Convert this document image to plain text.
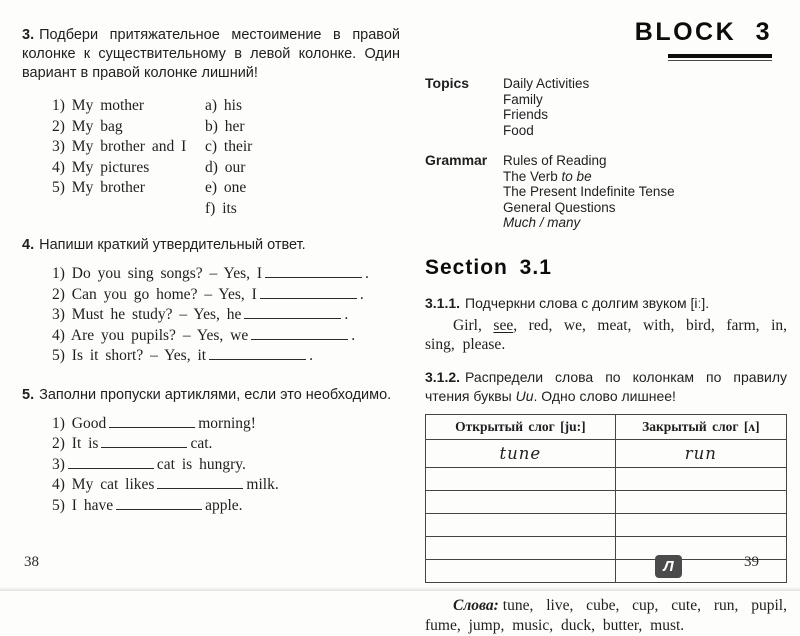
3. Подбери притяжательное местоимение в правой колонке к существительному в левой колонке. Один вариант в правой колонке лишний!

1) My mother	a) his
2) My bag	b) her
3) My brother and I	c) their
4) My pictures	d) our
5) My brother	e) one

f) its

4. Напиши краткий утвердительный ответ.

1) Do you sing songs? – Yes, I	.
2) Can you go home? – Yes, I	.
3) Must he study? – Yes, he	.
4) Are you pupils? – Yes, we	.
5) Is it short? – Yes, it	.

5. Заполни пропуски артиклями, если это необходимо.

1) Good	morning!
2) It is	cat.
3)	cat is hungry.
4) My cat likes	milk.
5) I have	apple.
BLOCK 3
Topics	Daily Activities
Family
Friends
Food
Grammar	Rules of Reading
The Verb to be
The Present Indefinite Tense
General Questions
Much / many
Section 3.1

3.1.1. Подчеркни слова с долгим звуком [iː].

Girl, see, red, we, meat, with, bird, farm, in, sing, please.

3.1.2. Распредели слова по колонкам по правилу чтения буквы Uu. Одно слово лишнее!

Открытый слог [ju:]	Закрытый слог [ʌ]
tune	run

Слова: tune, live, cube, cup, cute, run, pupil, fume, jump, music, duck, butter, must.

38	39
Л
